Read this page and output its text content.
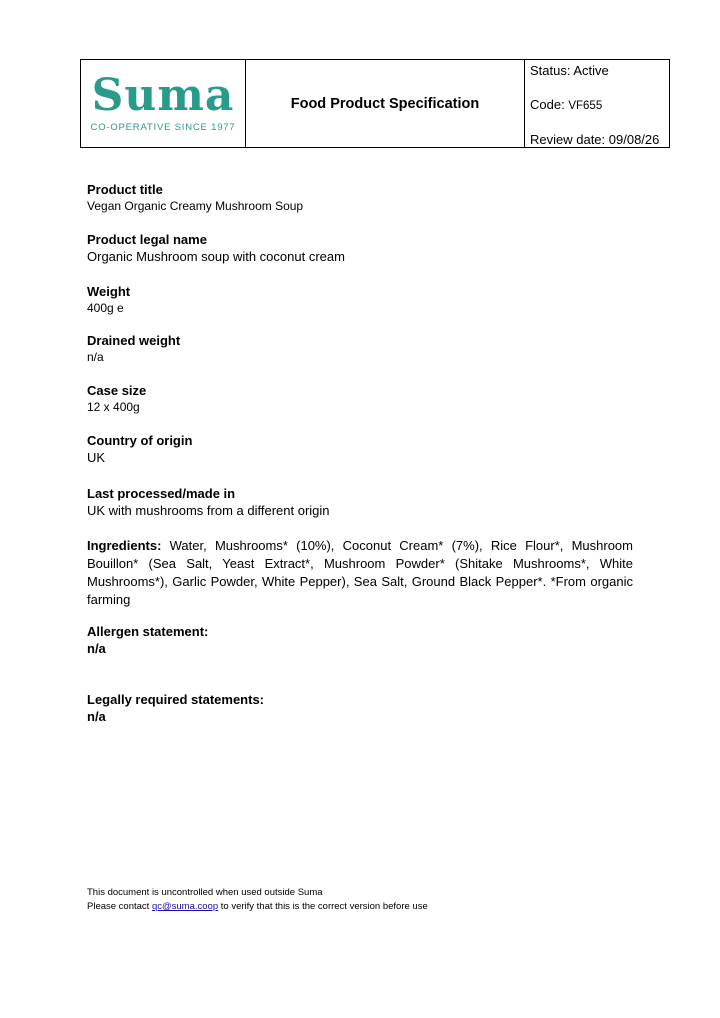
Suma
CO-OPERATIVE SINCE 1977
Food Product Specification
Status: Active
Code: VF655
Review date: 09/08/26
Product title
Vegan Organic Creamy Mushroom Soup
Product legal name
Organic Mushroom soup with coconut cream
Weight
400g e
Drained weight
n/a
Case size
12 x 400g
Country of origin
UK
Last processed/made in
UK with mushrooms from a different origin
Ingredients: Water, Mushrooms* (10%), Coconut Cream* (7%), Rice Flour*, Mushroom Bouillon* (Sea Salt, Yeast Extract*, Mushroom Powder* (Shitake Mushrooms*, White Mushrooms*), Garlic Powder, White Pepper), Sea Salt, Ground Black Pepper*. *From organic farming
Allergen statement:
n/a
Legally required statements:
n/a
This document is uncontrolled when used outside Suma
Please contact qc@suma.coop to verify that this is the correct version before use
